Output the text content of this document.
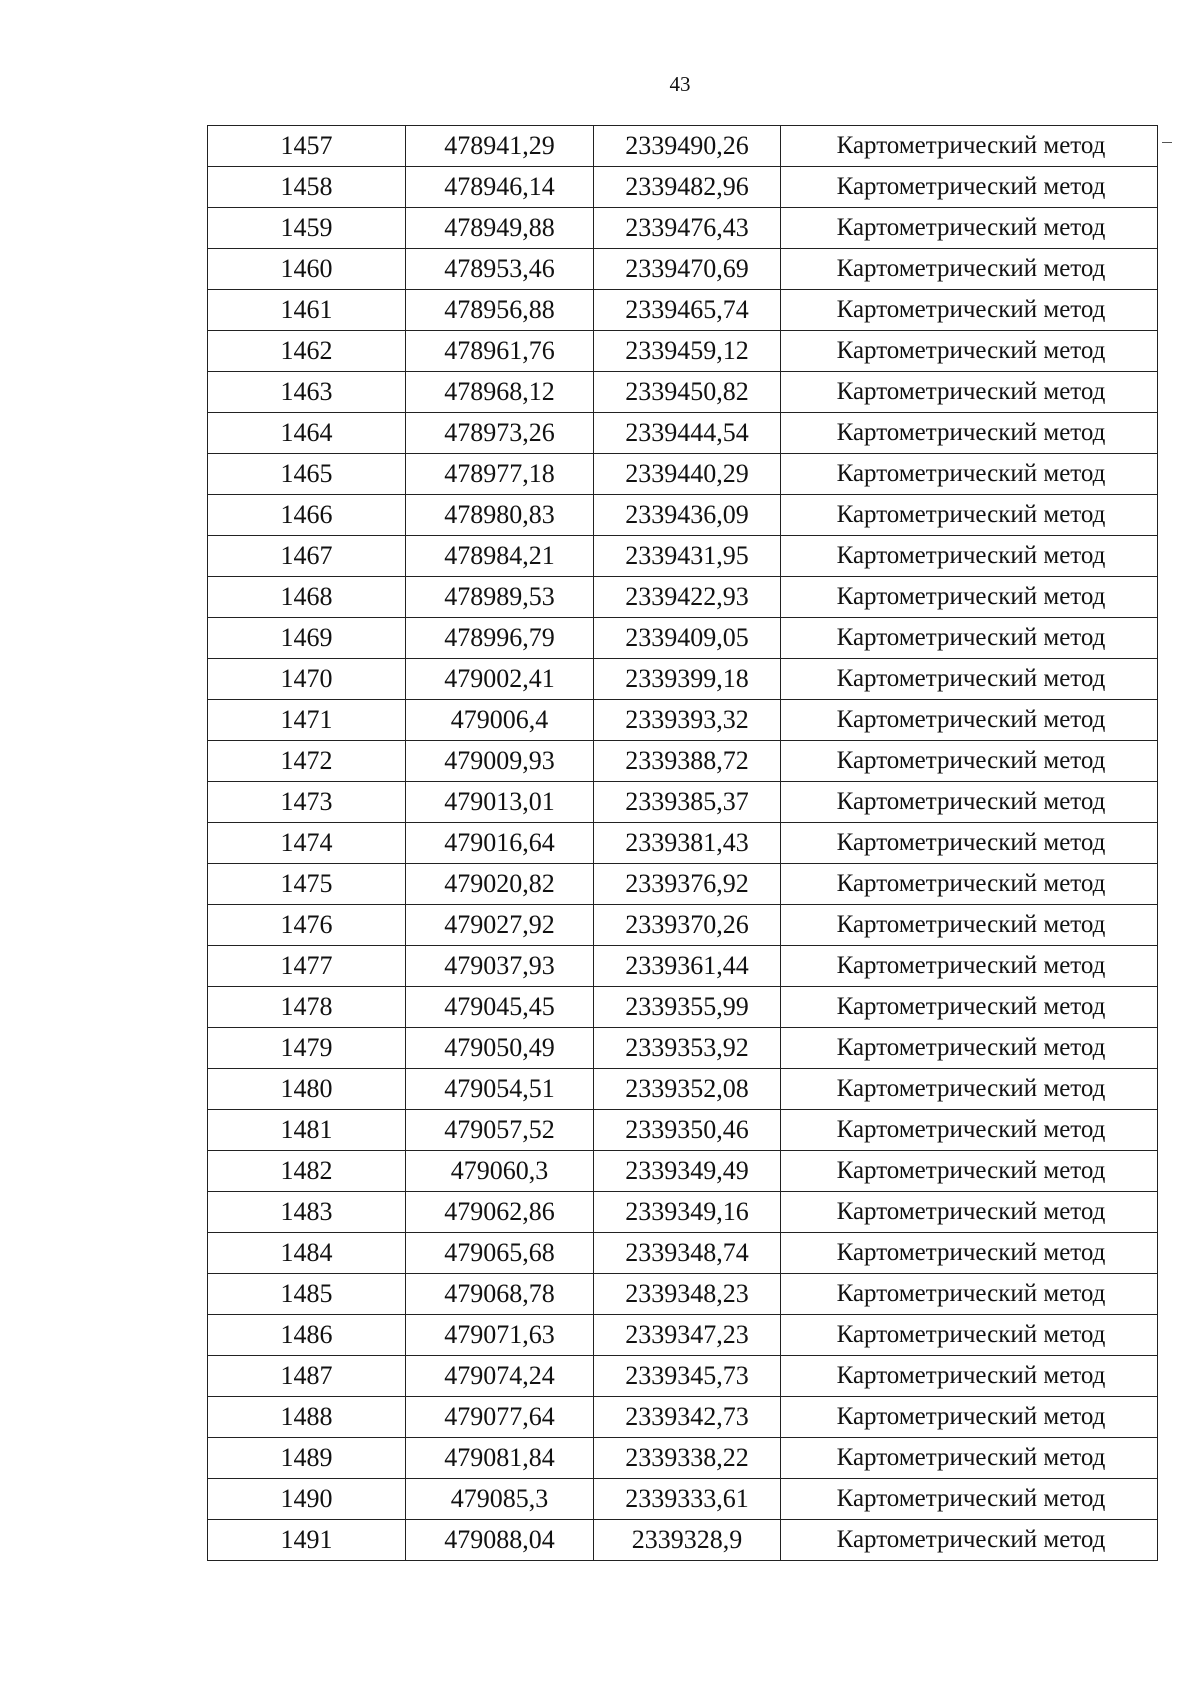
43
1457	478941,29	2339490,26	Картометрический метод
1458	478946,14	2339482,96	Картометрический метод
1459	478949,88	2339476,43	Картометрический метод
1460	478953,46	2339470,69	Картометрический метод
1461	478956,88	2339465,74	Картометрический метод
1462	478961,76	2339459,12	Картометрический метод
1463	478968,12	2339450,82	Картометрический метод
1464	478973,26	2339444,54	Картометрический метод
1465	478977,18	2339440,29	Картометрический метод
1466	478980,83	2339436,09	Картометрический метод
1467	478984,21	2339431,95	Картометрический метод
1468	478989,53	2339422,93	Картометрический метод
1469	478996,79	2339409,05	Картометрический метод
1470	479002,41	2339399,18	Картометрический метод
1471	479006,4	2339393,32	Картометрический метод
1472	479009,93	2339388,72	Картометрический метод
1473	479013,01	2339385,37	Картометрический метод
1474	479016,64	2339381,43	Картометрический метод
1475	479020,82	2339376,92	Картометрический метод
1476	479027,92	2339370,26	Картометрический метод
1477	479037,93	2339361,44	Картометрический метод
1478	479045,45	2339355,99	Картометрический метод
1479	479050,49	2339353,92	Картометрический метод
1480	479054,51	2339352,08	Картометрический метод
1481	479057,52	2339350,46	Картометрический метод
1482	479060,3	2339349,49	Картометрический метод
1483	479062,86	2339349,16	Картометрический метод
1484	479065,68	2339348,74	Картометрический метод
1485	479068,78	2339348,23	Картометрический метод
1486	479071,63	2339347,23	Картометрический метод
1487	479074,24	2339345,73	Картометрический метод
1488	479077,64	2339342,73	Картометрический метод
1489	479081,84	2339338,22	Картометрический метод
1490	479085,3	2339333,61	Картометрический метод
1491	479088,04	2339328,9	Картометрический метод
